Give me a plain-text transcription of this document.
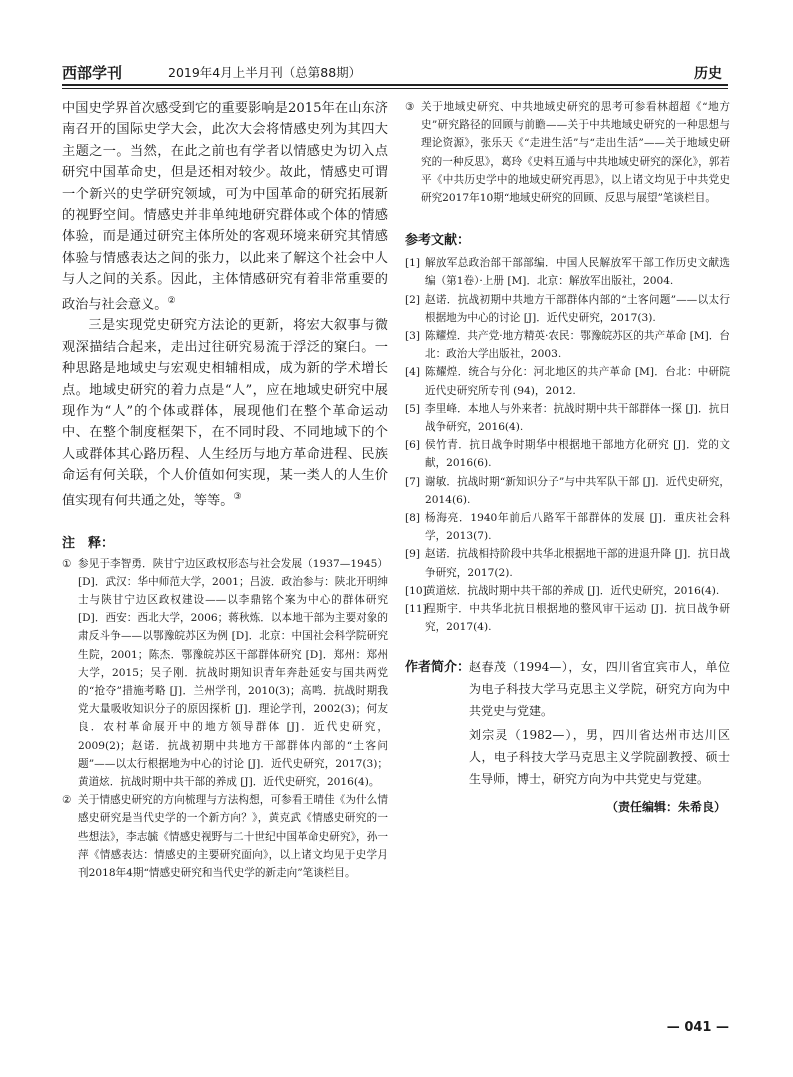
西部学刊	2019年4月上半月刊（总第88期）	历史

中国史学界首次感受到它的重要影响是2015年在山东济南召开的国际史学大会，此次大会将情感史列为其四大主题之一。当然，在此之前也有学者以情感史为切入点研究中国革命史，但是还相对较少。故此，情感史可谓一个新兴的史学研究领域，可为中国革命的研究拓展新的视野空间。情感史并非单纯地研究群体或个体的情感体验，而是通过研究主体所处的客观环境来研究其情感体验与情感表达之间的张力，以此来了解这个社会中人与人之间的关系。因此，主体情感研究有着非常重要的政治与社会意义。②

三是实现党史研究方法论的更新，将宏大叙事与微观深描结合起来，走出过往研究易流于浮泛的窠臼。一种思路是地域史与宏观史相辅相成，成为新的学术增长点。地域史研究的着力点是“人”，应在地域史研究中展现作为“人”的个体或群体，展现他们在整个革命运动中、在整个制度框架下，在不同时段、不同地域下的个人或群体其心路历程、人生经历与地方革命进程、民族命运有何关联，个人价值如何实现，某一类人的人生价值实现有何共通之处，等等。③

注　释：
① 参见于李智勇．陕甘宁边区政权形态与社会发展（1937—1945）[D]．武汉：华中师范大学，2001；吕波．政治参与：陕北开明绅士与陕甘宁边区政权建设——以李鼎铭个案为中心的群体研究 [D]．西安：西北大学，2006；蒋秋炼．以本地干部为主要对象的肃反斗争——以鄂豫皖苏区为例 [D]．北京：中国社会科学院研究生院，2001；陈杰．鄂豫皖苏区干部群体研究 [D]．郑州：郑州大学，2015；吴子刚．抗战时期知识青年奔赴延安与国共两党的“抢夺”措施考略 [J]．兰州学刊，2010(3)；高鸣．抗战时期我党大量吸收知识分子的原因探析 [J]．理论学刊，2002(3)；何友良．农村革命展开中的地方领导群体 [J]．近代史研究，2009(2)；赵诺．抗战初期中共地方干部群体内部的“土客问题”——以太行根据地为中心的讨论 [J]．近代史研究，2017(3)；黄道炫．抗战时期中共干部的养成 [J]．近代史研究，2016(4)。
② 关于情感史研究的方向梳理与方法构想，可参看王晴佳《为什么情感史研究是当代史学的一个新方向？》，黄克武《情感史研究的一些想法》，李志毓《情感史视野与二十世纪中国革命史研究》，孙一萍《情感表达：情感史的主要研究面向》，以上诸文均见于史学月刊2018年4期“情感史研究和当代史学的新走向”笔谈栏目。
③ 关于地域史研究、中共地域史研究的思考可参看林超超《“地方史”研究路径的回顾与前瞻——关于中共地域史研究的一种思想与理论资源》，张乐天《“走进生活”与“走出生活”——关于地域史研究的一种反思》，葛玲《史料互通与中共地域史研究的深化》，郭若平《中共历史学中的地域史研究再思》，以上诸文均见于中共党史研究2017年10期“地域史研究的回顾、反思与展望”笔谈栏目。
参考文献：
[1] 解放军总政治部干部部编．中国人民解放军干部工作历史文献选编（第1卷）·上册 [M]．北京：解放军出版社，2004.
[2] 赵诺．抗战初期中共地方干部群体内部的“土客问题”——以太行根据地为中心的讨论 [J]．近代史研究，2017(3).
[3] 陈耀煌．共产党·地方精英·农民：鄂豫皖苏区的共产革命 [M]．台北：政治大学出版社，2003.
[4] 陈耀煌．统合与分化：河北地区的共产革命 [M]．台北：中研院近代史研究所专刊 (94)，2012.
[5] 李里峰．本地人与外来者：抗战时期中共干部群体一探 [J]．抗日战争研究，2016(4).
[6] 侯竹青．抗日战争时期华中根据地干部地方化研究 [J]．党的文献，2016(6).
[7] 谢敏．抗战时期“新知识分子”与中共军队干部 [J]．近代史研究，2014(6).
[8] 杨海亮．1940年前后八路军干部群体的发展 [J]．重庆社会科学，2013(7).
[9] 赵诺．抗战相持阶段中共华北根据地干部的进退升降 [J]．抗日战争研究，2017(2).
[10]
黄道炫．抗战时期中共干部的养成 [J]．近代史研究，2016(4).
[11]
程斯宇．中共华北抗日根据地的整风审干运动 [J]．抗日战争研究，2017(4).
作者简介：

赵春茂（1994—），女，四川省宜宾市人，单位为电子科技大学马克思主义学院，研究方向为中共党史与党建。

刘宗灵（1982—），男，四川省达州市达川区人，电子科技大学马克思主义学院副教授、硕士生导师，博士，研究方向为中共党史与党建。

（责任编辑：朱希良）
— 041 —
